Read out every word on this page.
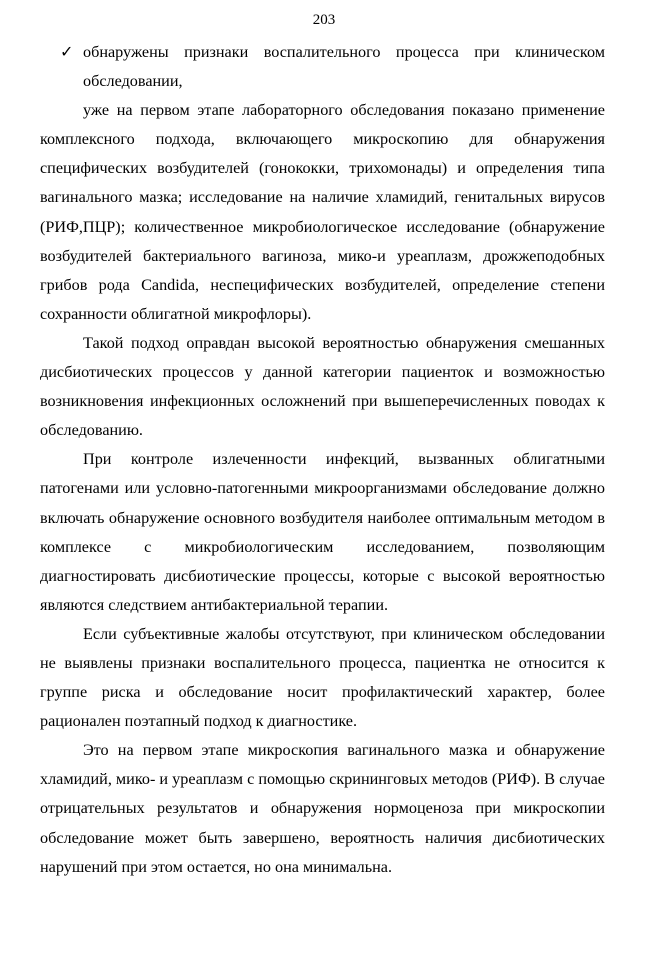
203
✓ обнаружены признаки воспалительного процесса при клиническом обследовании,

уже на первом этапе лабораторного обследования показано применение комплексного подхода, включающего микроскопию для обнаружения специфических возбудителей (гонококки, трихомонады) и определения типа вагинального мазка; исследование на наличие хламидий, генитальных вирусов (РИФ,ПЦР); количественное микробиологическое исследование (обнаружение возбудителей бактериального вагиноза, мико-и уреаплазм, дрожжеподобных грибов рода Candida, неспецифических возбудителей, определение степени сохранности облигатной микрофлоры).

Такой подход оправдан высокой вероятностью обнаружения смешанных дисбиотических процессов у данной категории пациенток и возможностью возникновения инфекционных осложнений при вышеперечисленных поводах к обследованию.

При контроле излеченности инфекций, вызванных облигатными патогенами или условно-патогенными микроорганизмами обследование должно включать обнаружение основного возбудителя наиболее оптимальным методом в комплексе с микробиологическим исследованием, позволяющим диагностировать дисбиотические процессы, которые с высокой вероятностью являются следствием антибактериальной терапии.

Если субъективные жалобы отсутствуют, при клиническом обследовании не выявлены признаки воспалительного процесса, пациентка не относится к группе риска и обследование носит профилактический характер, более рационален поэтапный подход к диагностике.

Это на первом этапе микроскопия вагинального мазка и обнаружение хламидий, мико- и уреаплазм с помощью скрининговых методов (РИФ). В случае отрицательных результатов и обнаружения нормоценоза при микроскопии обследование может быть завершено, вероятность наличия дисбиотических нарушений при этом остается, но она минимальна.
